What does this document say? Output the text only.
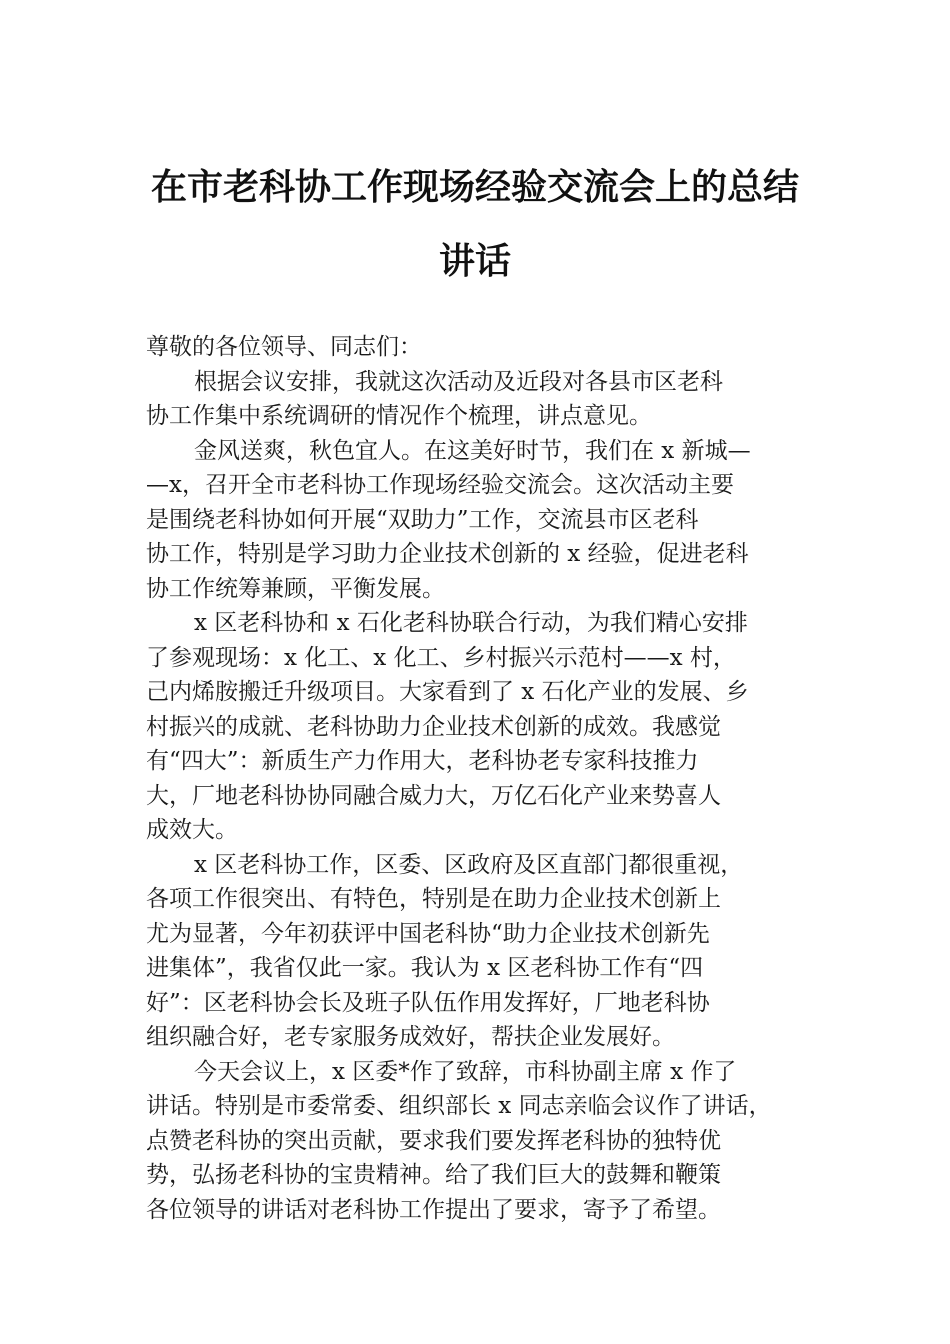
在市老科协工作现场经验交流会上的总结
讲话
尊敬的各位领导、同志们：
根据会议安排，我就这次活动及近段对各县市区老科
协工作集中系统调研的情况作个梳理，讲点意见。
金风送爽，秋色宜人。在这美好时节，我们在 x 新城—
—x，召开全市老科协工作现场经验交流会。这次活动主要
是围绕老科协如何开展“双助力”工作，交流县市区老科
协工作，特别是学习助力企业技术创新的 x 经验，促进老科
协工作统筹兼顾，平衡发展。
x 区老科协和 x 石化老科协联合行动，为我们精心安排
了参观现场：x 化工、x 化工、乡村振兴示范村——x 村，
己内烯胺搬迁升级项目。大家看到了 x 石化产业的发展、乡
村振兴的成就、老科协助力企业技术创新的成效。我感觉
有“四大”：新质生产力作用大，老科协老专家科技推力
大，厂地老科协协同融合威力大，万亿石化产业来势喜人
成效大。
x 区老科协工作，区委、区政府及区直部门都很重视，
各项工作很突出、有特色，特别是在助力企业技术创新上
尤为显著，今年初获评中国老科协“助力企业技术创新先
进集体”，我省仅此一家。我认为 x 区老科协工作有“四
好”：区老科协会长及班子队伍作用发挥好，厂地老科协
组织融合好，老专家服务成效好，帮扶企业发展好。
今天会议上，x 区委*作了致辞，市科协副主席 x 作了
讲话。特别是市委常委、组织部长 x 同志亲临会议作了讲话，
点赞老科协的突出贡献，要求我们要发挥老科协的独特优
势，弘扬老科协的宝贵精神。给了我们巨大的鼓舞和鞭策
各位领导的讲话对老科协工作提出了要求，寄予了希望。
